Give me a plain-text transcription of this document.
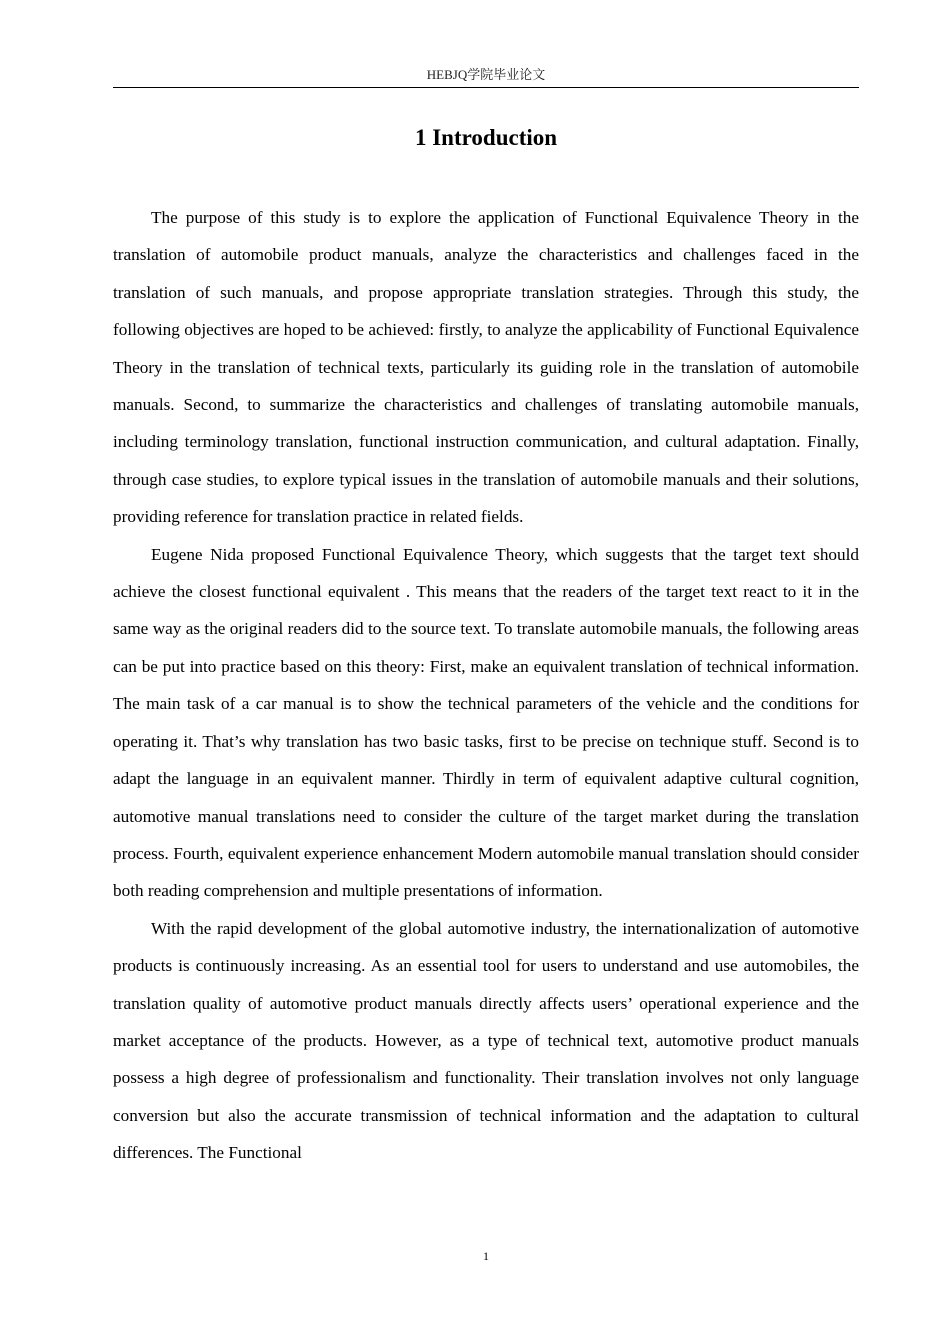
HEBJQ学院毕业论文
1 Introduction

The purpose of this study is to explore the application of Functional Equivalence Theory in the translation of automobile product manuals, analyze the characteristics and challenges faced in the translation of such manuals, and propose appropriate translation strategies. Through this study, the following objectives are hoped to be achieved: firstly, to analyze the applicability of Functional Equivalence Theory in the translation of technical texts, particularly its guiding role in the translation of automobile manuals. Second, to summarize the characteristics and challenges of translating automobile manuals, including terminology translation, functional instruction communication, and cultural adaptation. Finally, through case studies, to explore typical issues in the translation of automobile manuals and their solutions, providing reference for translation practice in related fields.

Eugene Nida proposed Functional Equivalence Theory, which suggests that the target text should achieve the closest functional equivalent . This means that the readers of the target text react to it in the same way as the original readers did to the source text. To translate automobile manuals, the following areas can be put into practice based on this theory: First, make an equivalent translation of technical information. The main task of a car manual is to show the technical parameters of the vehicle and the conditions for operating it. That’s why translation has two basic tasks, first to be precise on technique stuff. Second is to adapt the language in an equivalent manner. Thirdly in term of equivalent adaptive cultural cognition, automotive manual translations need to consider the culture of the target market during the translation process. Fourth, equivalent experience enhancement Modern automobile manual translation should consider both reading comprehension and multiple presentations of information.

With the rapid development of the global automotive industry, the internationalization of automotive products is continuously increasing. As an essential tool for users to understand and use automobiles, the translation quality of automotive product manuals directly affects users’ operational experience and the market acceptance of the products. However, as a type of technical text, automotive product manuals possess a high degree of professionalism and functionality. Their translation involves not only language conversion but also the accurate transmission of technical information and the adaptation to cultural differences. The Functional

1
